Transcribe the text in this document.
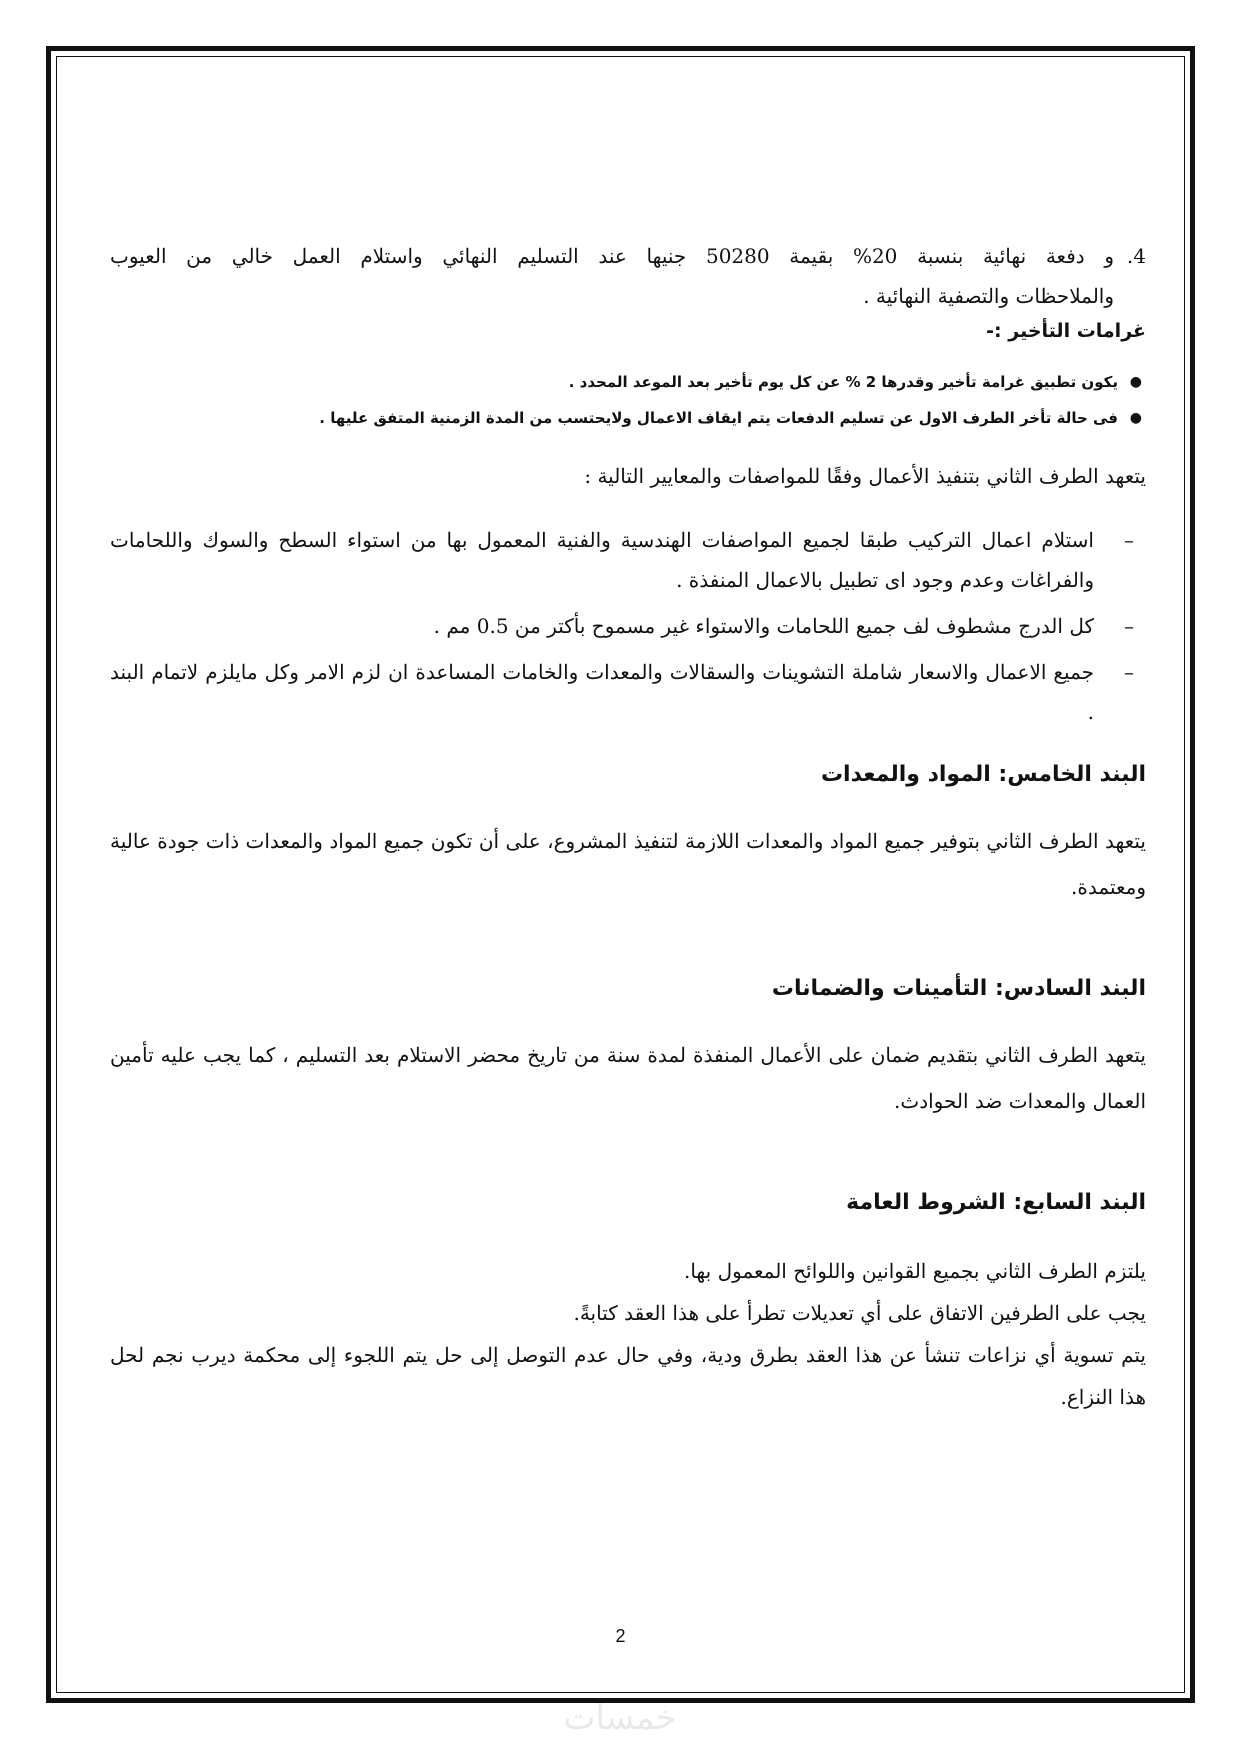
4.
و دفعة نهائية بنسبة 20% بقيمة 50280 جنيها عند التسليم النهائي واستلام العمل خالي من العيوب
والملاحظات والتصفية النهائية .

غرامات التأخير :-

●
يكون تطبيق غرامة تأخير وقدرها 2 % عن كل يوم تأخير بعد الموعد المحدد .
●
فى حالة تأخر الطرف الاول عن تسليم الدفعات يتم ايقاف الاعمال ولايحتسب من المدة الزمنية المتفق عليها .

يتعهد الطرف الثاني بتنفيذ الأعمال وفقًا للمواصفات والمعايير التالية :

–
استلام اعمال التركيب طبقا لجميع المواصفات الهندسية والفنية المعمول بها من استواء السطح والسوك واللحامات والفراغات وعدم وجود اى تطبيل بالاعمال المنفذة .
–
كل الدرج مشطوف لف جميع اللحامات والاستواء غير مسموح بأكتر من 0.5 مم .
–
جميع الاعمال والاسعار شاملة التشوينات والسقالات والمعدات والخامات المساعدة ان لزم الامر وكل مايلزم لاتمام البند .
البند الخامس: المواد والمعدات

يتعهد الطرف الثاني بتوفير جميع المواد والمعدات اللازمة لتنفيذ المشروع، على أن تكون جميع المواد والمعدات ذات جودة عالية ومعتمدة.

البند السادس: التأمينات والضمانات

يتعهد الطرف الثاني بتقديم ضمان على الأعمال المنفذة لمدة سنة من تاريخ محضر الاستلام بعد التسليم ، كما يجب عليه تأمين العمال والمعدات ضد الحوادث.

البند السابع: الشروط العامة

يلتزم الطرف الثاني بجميع القوانين واللوائح المعمول بها.

يجب على الطرفين الاتفاق على أي تعديلات تطرأ على هذا العقد كتابةً.

يتم تسوية أي نزاعات تنشأ عن هذا العقد بطرق ودية، وفي حال عدم التوصل إلى حل يتم اللجوء إلى محكمة ديرب نجم لحل هذا النزاع.

2
خمسات
